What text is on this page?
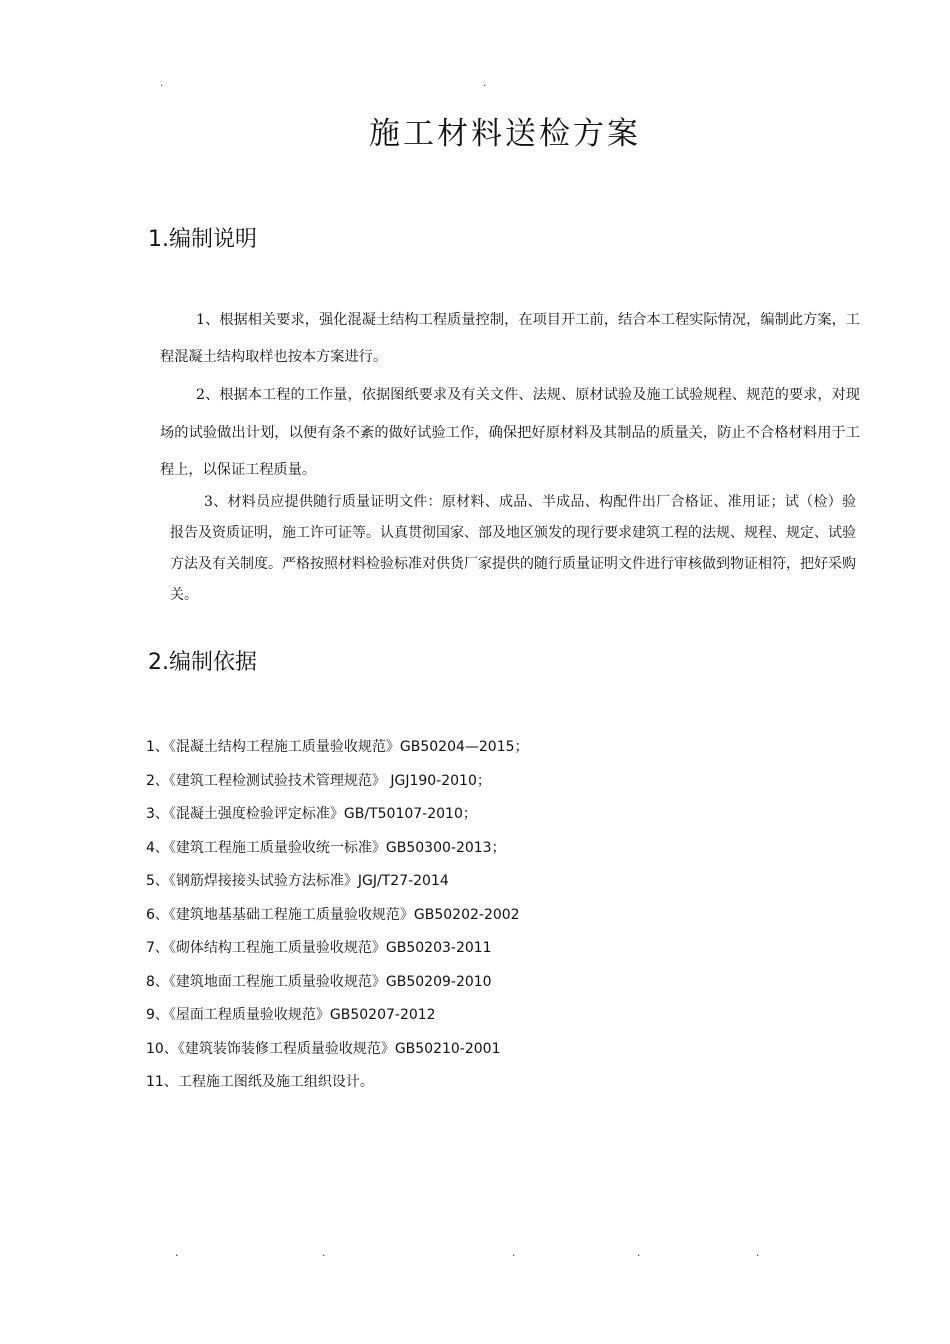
.	.
施工材料送检方案
1.编制说明

1、根据相关要求，强化混凝土结构工程质量控制，在项目开工前，结合本工程实际情况，编制此方案，工程混凝土结构取样也按本方案进行。

2、根据本工程的工作量，依据图纸要求及有关文件、法规、原材试验及施工试验规程、规范的要求，对现场的试验做出计划，以便有条不紊的做好试验工作，确保把好原材料及其制品的质量关，防止不合格材料用于工程上，以保证工程质量。

3、材料员应提供随行质量证明文件：原材料、成品、半成品、构配件出厂合格证、准用证；试（检）验报告及资质证明，施工许可证等。认真贯彻国家、部及地区颁发的现行要求建筑工程的法规、规程、规定、试验方法及有关制度。严格按照材料检验标准对供货厂家提供的随行质量证明文件进行审核做到物证相符，把好采购关。

2.编制依据
1、《混凝土结构工程施工质量验收规范》GB50204—2015；
2、《建筑工程检测试验技术管理规范》 JGJ190-2010；
3、《混凝土强度检验评定标准》GB/T50107-2010；
4、《建筑工程施工质量验收统一标准》GB50300-2013；
5、《钢筋焊接接头试验方法标准》JGJ/T27-2014
6、《建筑地基基础工程施工质量验收规范》GB50202-2002
7、《砌体结构工程施工质量验收规范》GB50203-2011
8、《建筑地面工程施工质量验收规范》GB50209-2010
9、《屋面工程质量验收规范》GB50207-2012
10、《建筑装饰装修工程质量验收规范》GB50210-2001
11、工程施工图纸及施工组织设计。
.	.	.	.	.
